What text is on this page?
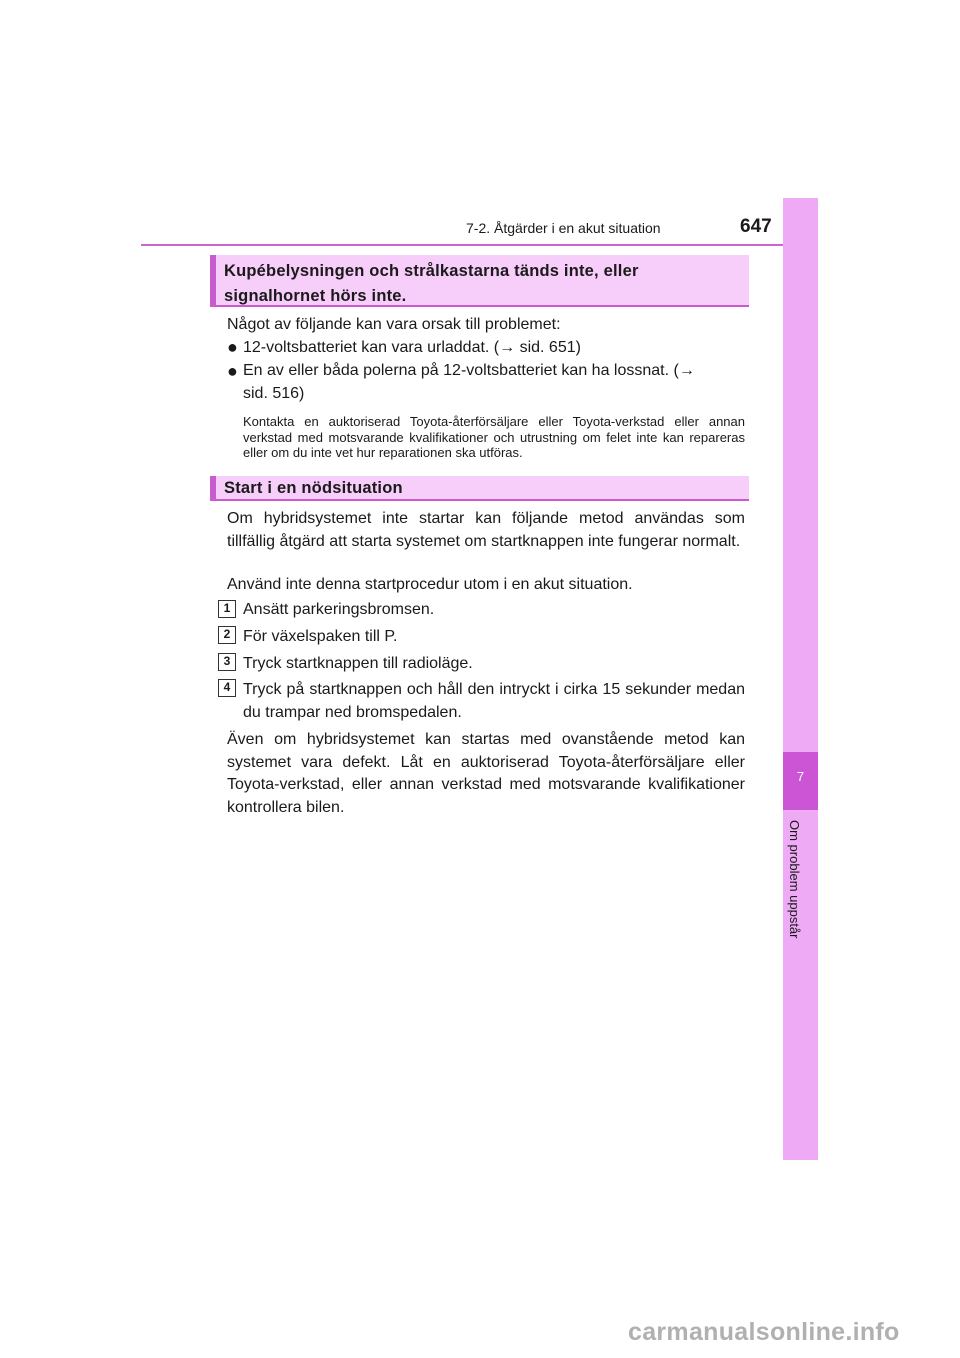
7-2. Åtgärder i en akut situation	647
7
Om problem uppstår
Kupébelysningen och strålkastarna tänds inte, eller signalhornet hörs inte.
Något av följande kan vara orsak till problemet:
● 12-voltsbatteriet kan vara urladdat. (→ sid. 651)
● En av eller båda polerna på 12-voltsbatteriet kan ha lossnat. (→ sid. 516)
Kontakta en auktoriserad Toyota-återförsäljare eller Toyota-verkstad eller annan verkstad med motsvarande kvalifikationer och utrustning om felet inte kan repareras eller om du inte vet hur reparationen ska utföras.
Start i en nödsituation
Om hybridsystemet inte startar kan följande metod användas som tillfällig åtgärd att starta systemet om startknappen inte fungerar normalt.
Använd inte denna startprocedur utom i en akut situation.
1 Ansätt parkeringsbromsen.
2 För växelspaken till P.
3 Tryck startknappen till radioläge.
4 Tryck på startknappen och håll den intryckt i cirka 15 sekunder medan du trampar ned bromspedalen.
Även om hybridsystemet kan startas med ovanstående metod kan systemet vara defekt. Låt en auktoriserad Toyota-återförsäljare eller Toyota-verkstad, eller annan verkstad med motsvarande kvalifikationer kontrollera bilen.
carmanualsonline.info
